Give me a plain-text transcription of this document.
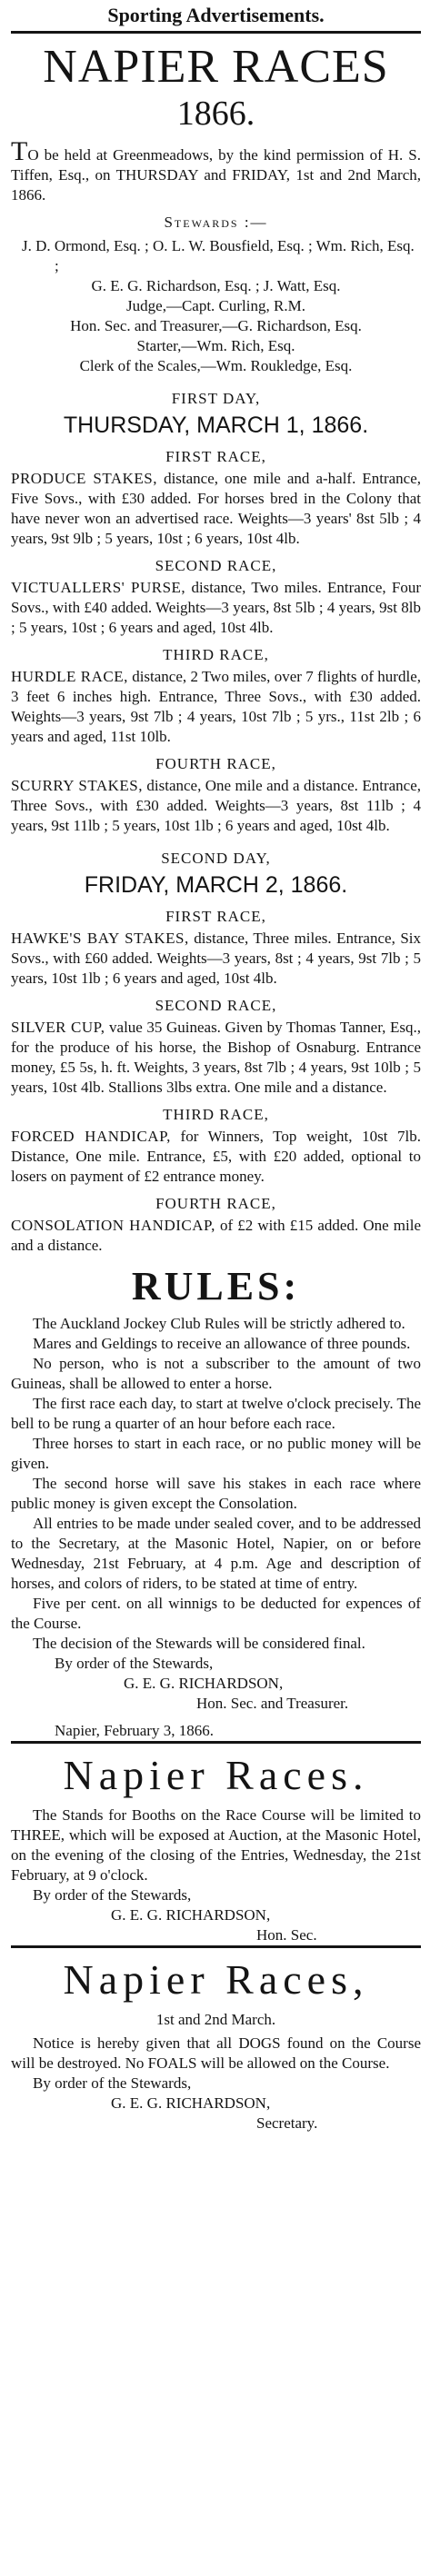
Sporting Advertisements.
NAPIER RACES
1866.

TO be held at Greenmeadows, by the kind permission of H. S. Tiffen, Esq., on THURSDAY and FRIDAY, 1st and 2nd March, 1866.

Stewards :—

J. D. Ormond, Esq. ; O. L. W. Bousfield, Esq. ; Wm. Rich, Esq. ;

G. E. G. Richardson, Esq. ; J. Watt, Esq.

Judge,—Capt. Curling, R.M.

Hon. Sec. and Treasurer,—G. Richardson, Esq.

Starter,—Wm. Rich, Esq.

Clerk of the Scales,—Wm. Roukledge, Esq.

FIRST DAY,
THURSDAY, MARCH 1, 1866.
FIRST RACE,

PRODUCE STAKES, distance, one mile and a-half. Entrance, Five Sovs., with £30 added. For horses bred in the Colony that have never won an advertised race. Weights—3 years' 8st 5lb ; 4 years, 9st 9lb ; 5 years, 10st ; 6 years, 10st 4lb.

SECOND RACE,

VICTUALLERS' PURSE, distance, Two miles. Entrance, Four Sovs., with £40 added. Weights—3 years, 8st 5lb ; 4 years, 9st 8lb ; 5 years, 10st ; 6 years and aged, 10st 4lb.

THIRD RACE,

HURDLE RACE, distance, 2 Two miles, over 7 flights of hurdle, 3 feet 6 inches high. Entrance, Three Sovs., with £30 added. Weights—3 years, 9st 7lb ; 4 years, 10st 7lb ; 5 yrs., 11st 2lb ; 6 years and aged, 11st 10lb.

FOURTH RACE,

SCURRY STAKES, distance, One mile and a distance. Entrance, Three Sovs., with £30 added. Weights—3 years, 8st 11lb ; 4 years, 9st 11lb ; 5 years, 10st 1lb ; 6 years and aged, 10st 4lb.

SECOND DAY,
FRIDAY, MARCH 2, 1866.
FIRST RACE,

HAWKE'S BAY STAKES, distance, Three miles. Entrance, Six Sovs., with £60 added. Weights—3 years, 8st ; 4 years, 9st 7lb ; 5 years, 10st 1lb ; 6 years and aged, 10st 4lb.

SECOND RACE,

SILVER CUP, value 35 Guineas. Given by Thomas Tanner, Esq., for the produce of his horse, the Bishop of Osnaburg. Entrance money, £5 5s, h. ft. Weights, 3 years, 8st 7lb ; 4 years, 9st 10lb ; 5 years, 10st 4lb. Stallions 3lbs extra. One mile and a distance.

THIRD RACE,

FORCED HANDICAP, for Winners, Top weight, 10st 7lb. Distance, One mile. Entrance, £5, with £20 added, optional to losers on payment of £2 entrance money.

FOURTH RACE,

CONSOLATION HANDICAP, of £2 with £15 added. One mile and a distance.

RULES:

The Auckland Jockey Club Rules will be strictly adhered to.

Mares and Geldings to receive an allowance of three pounds.

No person, who is not a subscriber to the amount of two Guineas, shall be allowed to enter a horse.

The first race each day, to start at twelve o'clock precisely. The bell to be rung a quarter of an hour before each race.

Three horses to start in each race, or no public money will be given.

The second horse will save his stakes in each race where public money is given except the Consolation.

All entries to be made under sealed cover, and to be addressed to the Secretary, at the Masonic Hotel, Napier, on or before Wednesday, 21st February, at 4 p.m. Age and description of horses, and colors of riders, to be stated at time of entry.

Five per cent. on all winnigs to be deducted for expences of the Course.

The decision of the Stewards will be considered final.

By order of the Stewards,

G. E. G. RICHARDSON,

Hon. Sec. and Treasurer.

Napier, February 3, 1866.

Napier Races.

The Stands for Booths on the Race Course will be limited to THREE, which will be exposed at Auction, at the Masonic Hotel, on the evening of the closing of the Entries, Wednesday, the 21st February, at 9 o'clock.

By order of the Stewards,

G. E. G. RICHARDSON,

Hon. Sec.

Napier Races,
1st and 2nd March.

Notice is hereby given that all DOGS found on the Course will be destroyed. No FOALS will be allowed on the Course.

By order of the Stewards,

G. E. G. RICHARDSON,

Secretary.
